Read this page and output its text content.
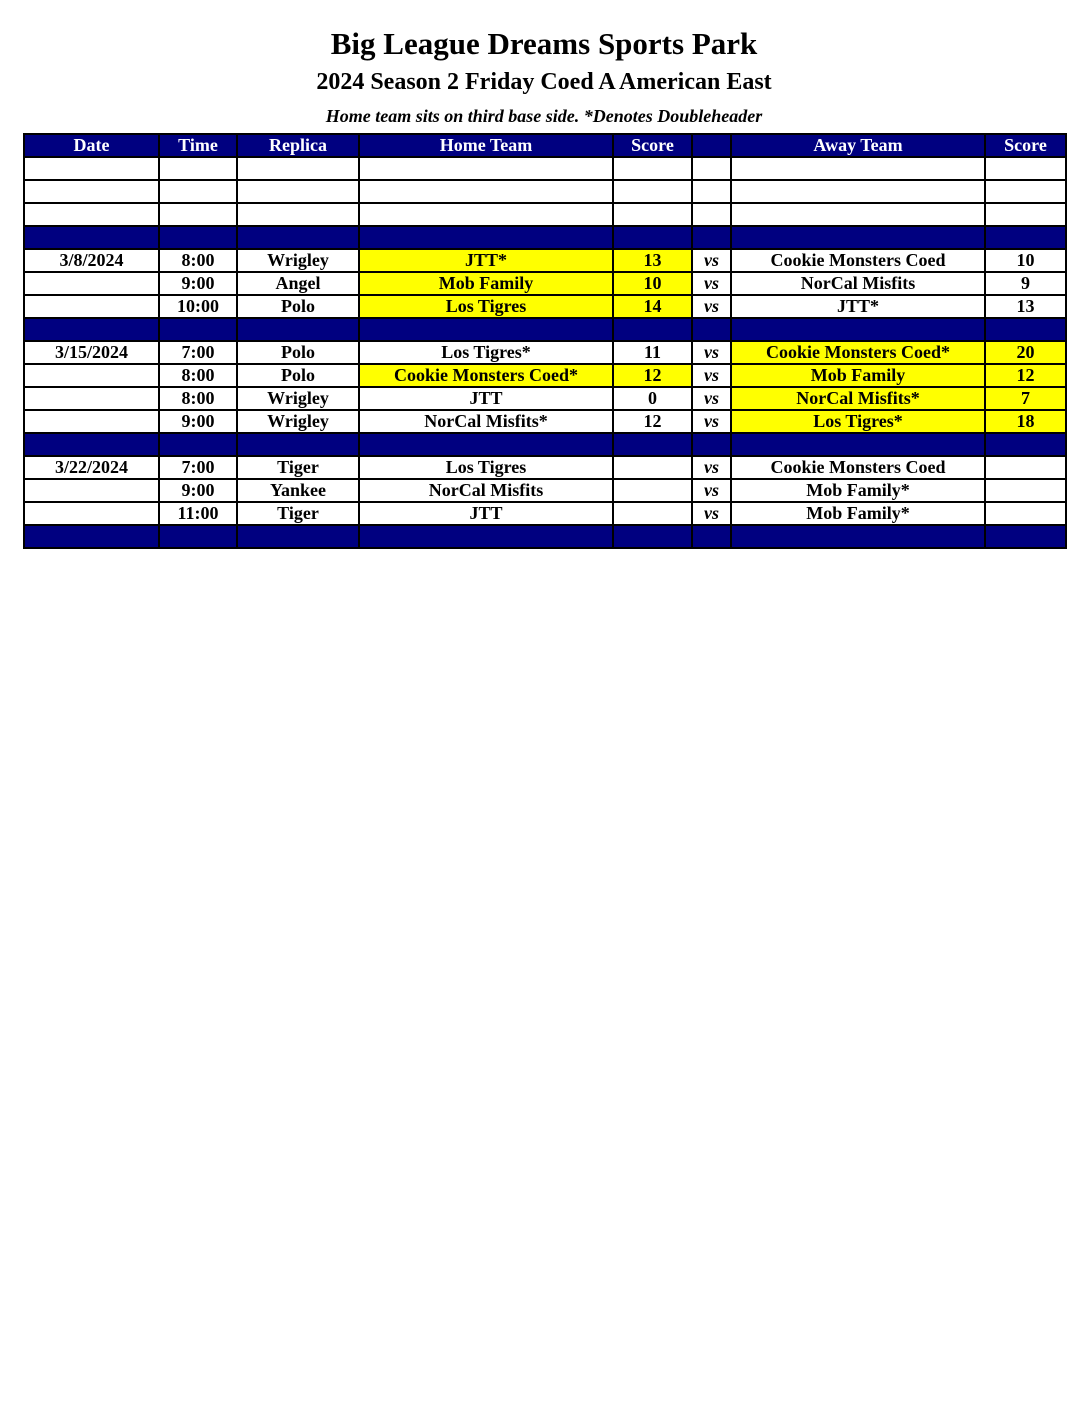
Big League Dreams Sports Park
2024 Season 2 Friday Coed A American East
Home team sits on third base side. *Denotes Doubleheader
Date	Time	Replica	Home Team	Score		Away Team	Score

3/8/2024	8:00	Wrigley	JTT*	13	vs	Cookie Monsters Coed	10
	9:00	Angel	Mob Family	10	vs	NorCal Misfits	9
	10:00	Polo	Los Tigres	14	vs	JTT*	13

3/15/2024	7:00	Polo	Los Tigres*	11	vs	Cookie Monsters Coed*	20
	8:00	Polo	Cookie Monsters Coed*	12	vs	Mob Family	12
	8:00	Wrigley	JTT	0	vs	NorCal Misfits*	7
	9:00	Wrigley	NorCal Misfits*	12	vs	Los Tigres*	18

3/22/2024	7:00	Tiger	Los Tigres		vs	Cookie Monsters Coed	
	9:00	Yankee	NorCal Misfits		vs	Mob Family*	
	11:00	Tiger	JTT		vs	Mob Family*	
